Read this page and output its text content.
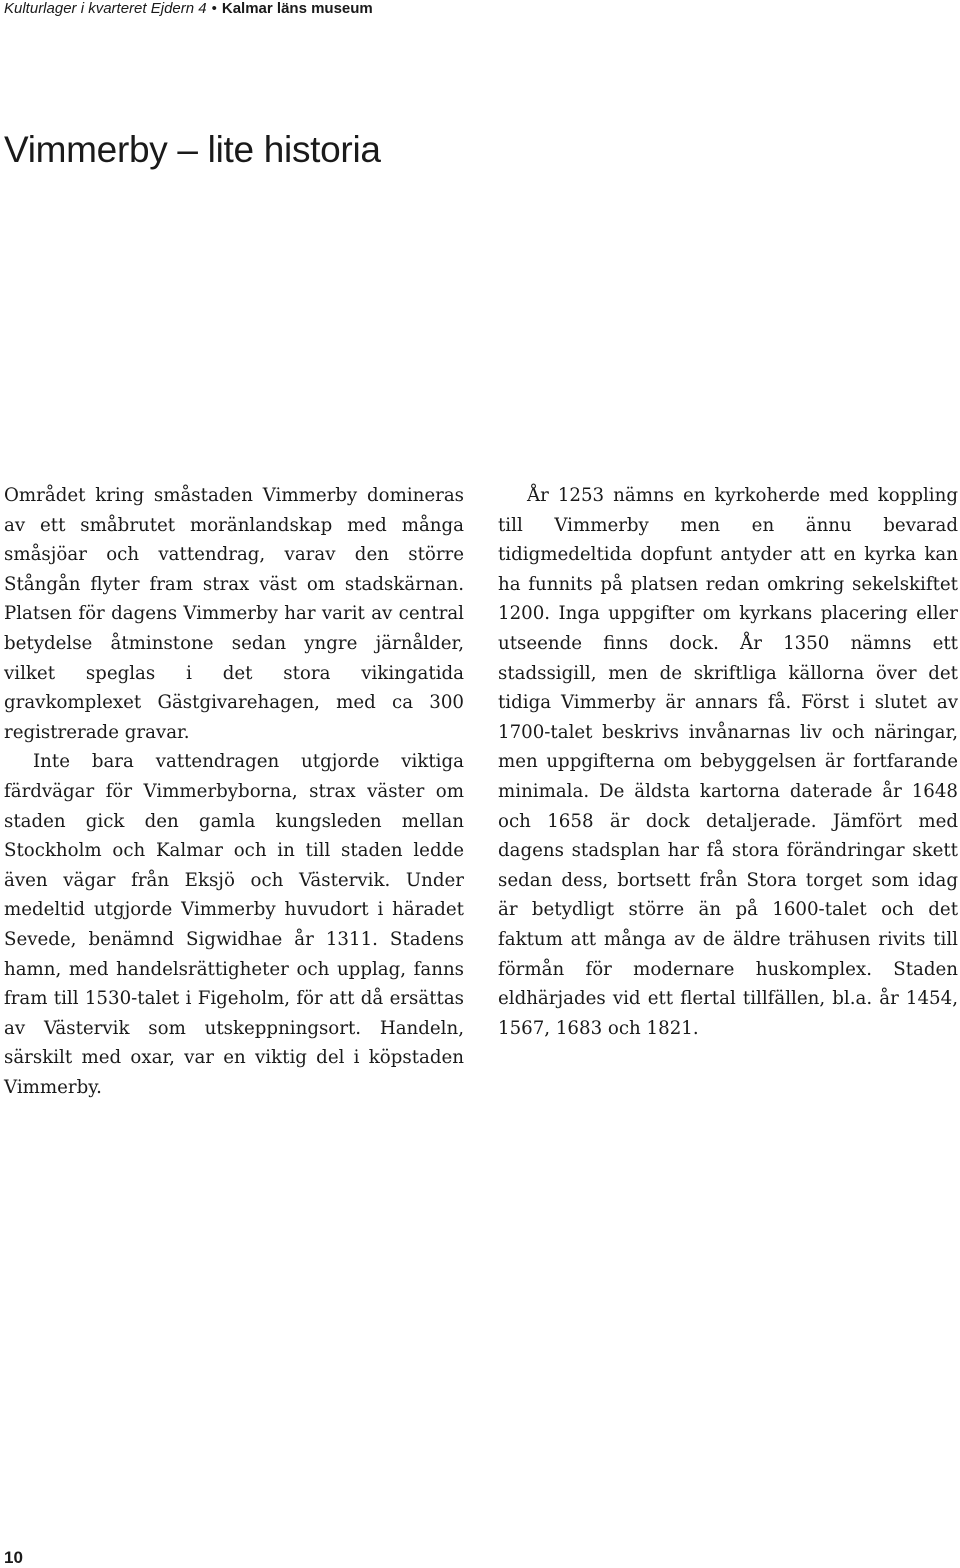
Kulturlager i kvarteret Ejdern 4 • Kalmar läns museum
Vimmerby – lite historia

Området kring småstaden Vimmerby domineras av ett småbrutet moränlandskap med många småsjöar och vattendrag, varav den större Stångån flyter fram strax väst om stadskärnan. Platsen för dagens Vimmerby har varit av central betydelse åtminstone sedan yngre järnålder, vilket speglas i det stora vikingatida gravkomplexet Gästgivarehagen, med ca 300 registrerade gravar.

Inte bara vattendragen utgjorde viktiga färdvägar för Vimmerbyborna, strax väster om staden gick den gamla kungsleden mellan Stockholm och Kalmar och in till staden ledde även vägar från Eksjö och Västervik. Under medeltid utgjorde Vimmerby huvudort i häradet Sevede, benämnd Sigwidhae år 1311. Stadens hamn, med handelsrättigheter och upplag, fanns fram till 1530-talet i Figeholm, för att då ersättas av Västervik som utskeppningsort. Handeln, särskilt med oxar, var en viktig del i köpstaden Vimmerby.

År 1253 nämns en kyrkoherde med koppling till Vimmerby men en ännu bevarad tidigmedeltida dopfunt antyder att en kyrka kan ha funnits på platsen redan omkring sekelskiftet 1200. Inga uppgifter om kyrkans placering eller utseende finns dock. År 1350 nämns ett stadssigill, men de skriftliga källorna över det tidiga Vimmerby är annars få. Först i slutet av 1700-talet beskrivs invånarnas liv och näringar, men uppgifterna om bebyggelsen är fortfarande minimala. De äldsta kartorna daterade år 1648 och 1658 är dock detaljerade. Jämfört med dagens stadsplan har få stora förändringar skett sedan dess, bortsett från Stora torget som idag är betydligt större än på 1600-talet och det faktum att många av de äldre trähusen rivits till förmån för modernare huskomplex. Staden eldhärjades vid ett flertal tillfällen, bl.a. år 1454, 1567, 1683 och 1821.

10
